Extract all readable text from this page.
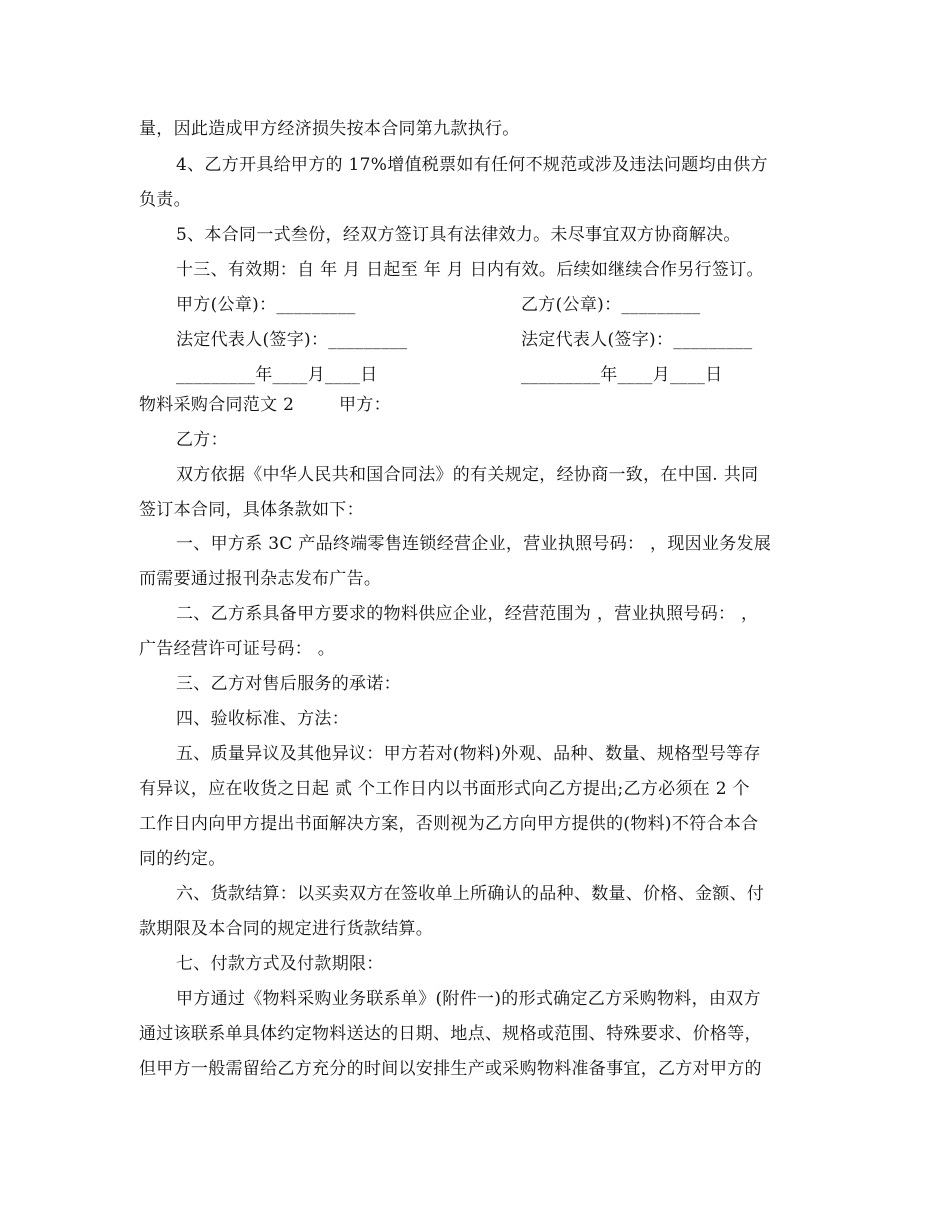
量，因此造成甲方经济损失按本合同第九款执行。
4、乙方开具给甲方的 17%增值税票如有任何不规范或涉及违法问题均由供方
负责。
5、本合同一式叁份，经双方签订具有法律效力。未尽事宜双方协商解决。
十三、有效期：自 年 月 日起至 年 月 日内有效。后续如继续合作另行签订。
甲方(公章)：_________	乙方(公章)：_________
法定代表人(签字)：_________	法定代表人(签字)：_________
_________年____月____日	_________年____月____日
物料采购合同范文 2	甲方：
乙方：
双方依据《中华人民共和国合同法》的有关规定，经协商一致，在中国. 共同
签订本合同，具体条款如下：
一、甲方系 3C 产品终端零售连锁经营企业，营业执照号码： ，现因业务发展
而需要通过报刊杂志发布广告。
二、乙方系具备甲方要求的物料供应企业，经营范围为 ，营业执照号码： ，
广告经营许可证号码： 。
三、乙方对售后服务的承诺：
四、验收标准、方法：
五、质量异议及其他异议：甲方若对(物料)外观、品种、数量、规格型号等存
有异议，应在收货之日起 贰 个工作日内以书面形式向乙方提出;乙方必须在 2 个
工作日内向甲方提出书面解决方案，否则视为乙方向甲方提供的(物料)不符合本合
同的约定。
六、货款结算：以买卖双方在签收单上所确认的品种、数量、价格、金额、付
款期限及本合同的规定进行货款结算。
七、付款方式及付款期限：
甲方通过《物料采购业务联系单》(附件一)的形式确定乙方采购物料，由双方
通过该联系单具体约定物料送达的日期、地点、规格或范围、特殊要求、价格等，
但甲方一般需留给乙方充分的时间以安排生产或采购物料准备事宜，乙方对甲方的
